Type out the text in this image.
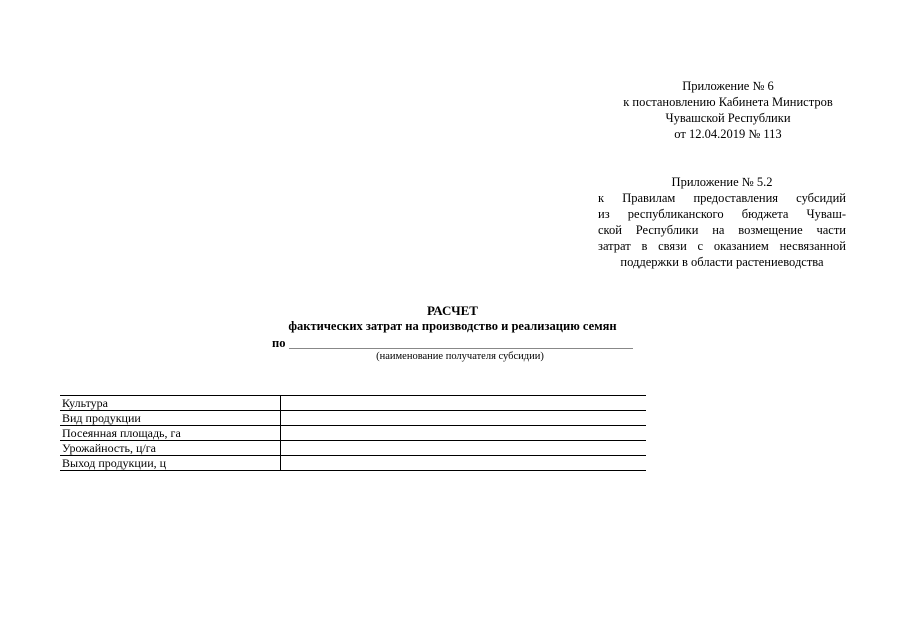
Приложение № 6
к постановлению Кабинета Министров
Чувашской Республики
от 12.04.2019 № 113
Приложение № 5.2
к Правилам предоставления субсидий
из республиканского бюджета Чуваш-
ской Республики на возмещение части
затрат в связи с оказанием несвязанной
поддержки в области растениеводства
РАСЧЕТ
фактических затрат на производство и реализацию семян
по
(наименование получателя субсидии)
Культура	
Вид продукции	
Посеянная площадь, га	
Урожайность, ц/га	
Выход продукции, ц	
